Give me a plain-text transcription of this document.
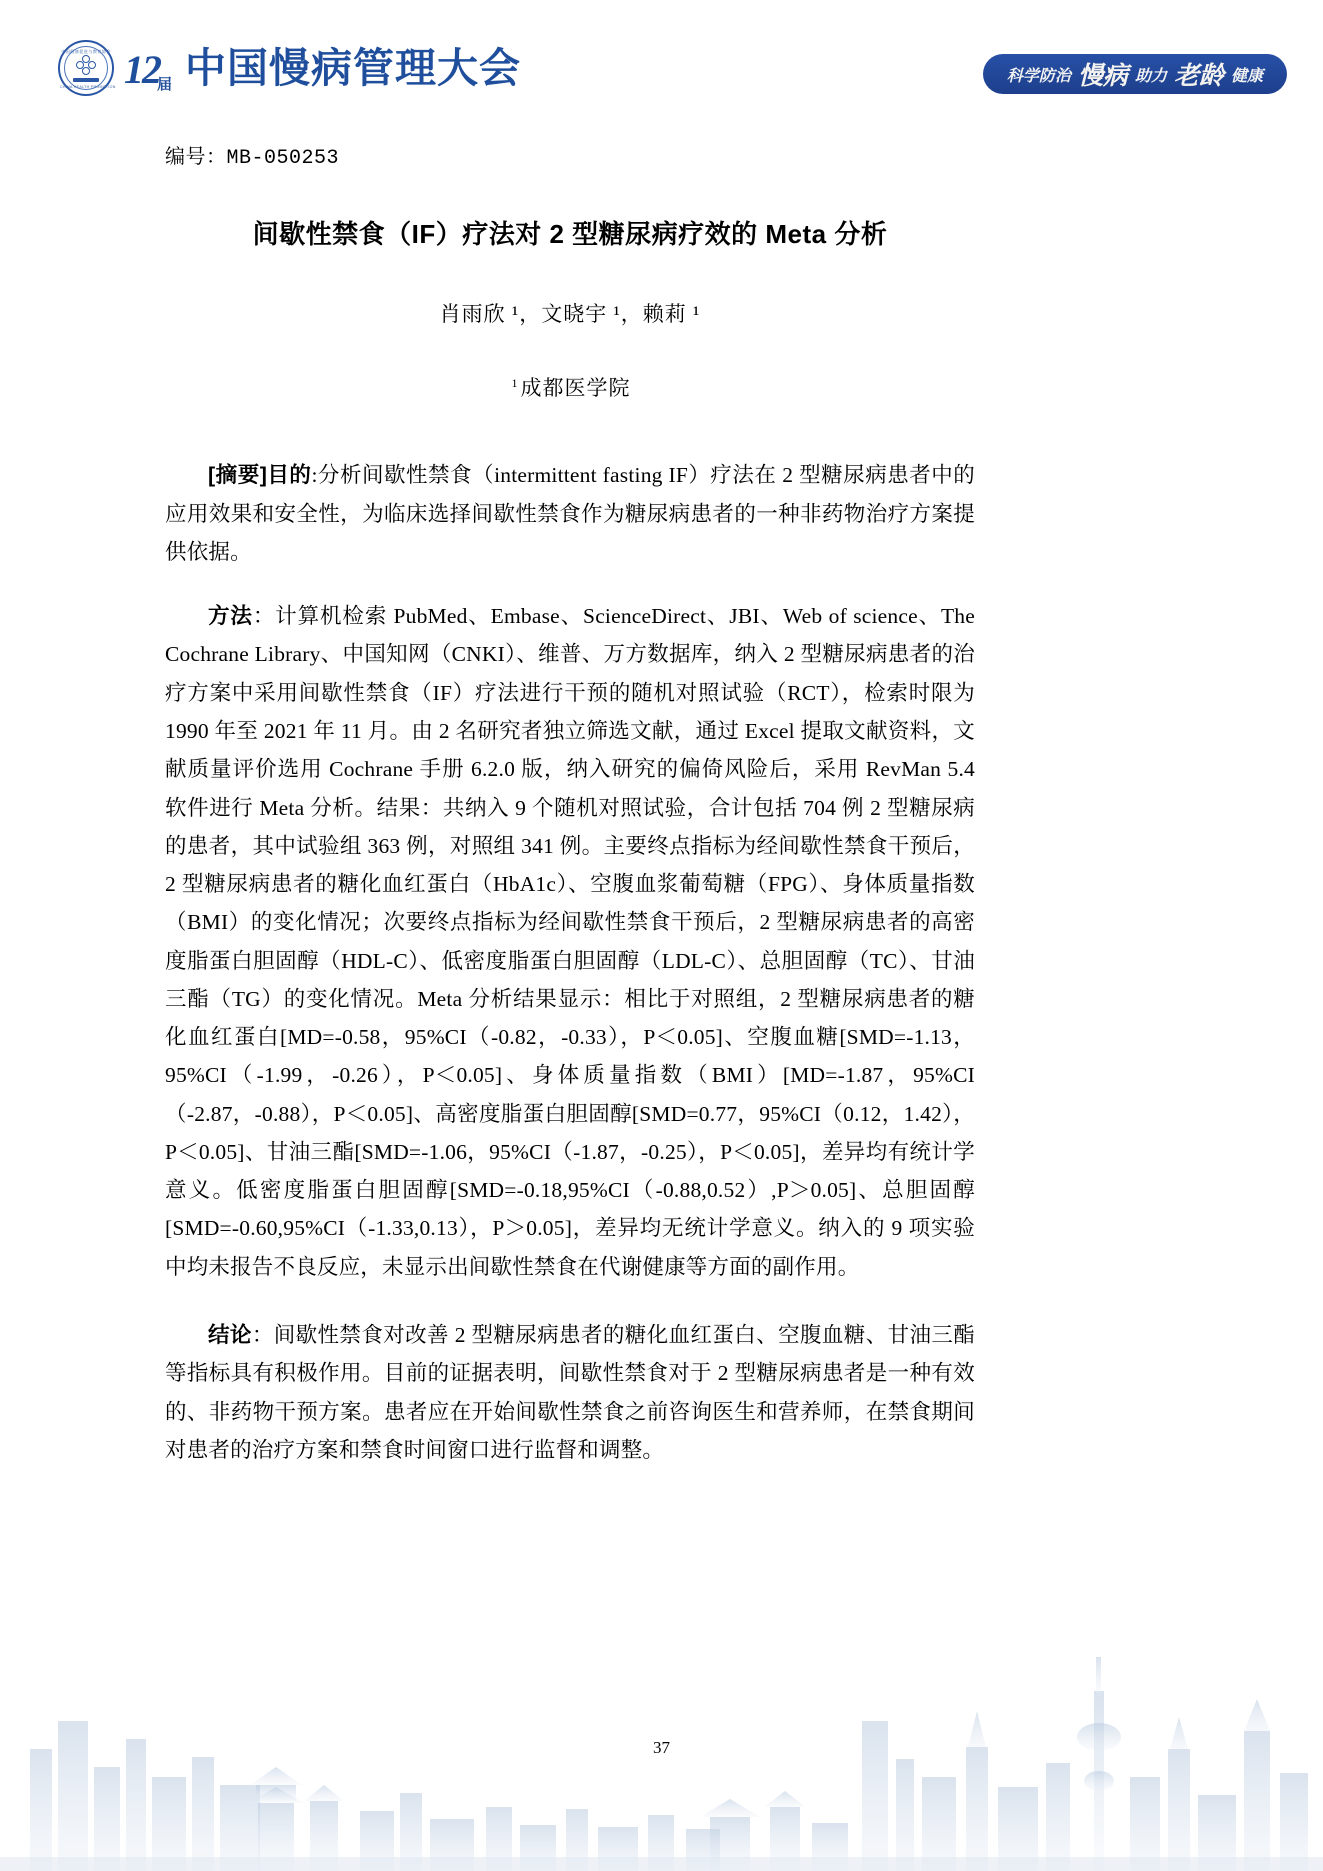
中国健康促进与教育协会
CHINA HEALTH PROMOTION 12届 中国慢病管理大会	科学防治 慢病 助力 老龄 健康
编号：MB-050253
间歇性禁食（IF）疗法对 2 型糖尿病疗效的 Meta 分析
肖雨欣 ¹，文晓宇 ¹，赖莉 ¹
$^1$成都医学院

[摘要]目的:分析间歇性禁食（intermittent fasting IF）疗法在 2 型糖尿病患者中的应用效果和安全性，为临床选择间歇性禁食作为糖尿病患者的一种非药物治疗方案提供依据。

方法：计算机检索 PubMed、Embase、ScienceDirect、JBI、Web of science、The Cochrane Library、中国知网（CNKI）、维普、万方数据库，纳入 2 型糖尿病患者的治疗方案中采用间歇性禁食（IF）疗法进行干预的随机对照试验（RCT），检索时限为 1990 年至 2021 年 11 月。由 2 名研究者独立筛选文献，通过 Excel 提取文献资料，文献质量评价选用 Cochrane 手册 6.2.0 版，纳入研究的偏倚风险后，采用 RevMan 5.4 软件进行 Meta 分析。结果：共纳入 9 个随机对照试验，合计包括 704 例 2 型糖尿病的患者，其中试验组 363 例，对照组 341 例。主要终点指标为经间歇性禁食干预后，2 型糖尿病患者的糖化血红蛋白（HbA1c）、空腹血浆葡萄糖（FPG）、身体质量指数（BMI）的变化情况；次要终点指标为经间歇性禁食干预后，2 型糖尿病患者的高密度脂蛋白胆固醇（HDL-C）、低密度脂蛋白胆固醇（LDL-C）、总胆固醇（TC）、甘油三酯（TG）的变化情况。Meta 分析结果显示：相比于对照组，2 型糖尿病患者的糖化血红蛋白[MD=-0.58，95%CI（-0.82，-0.33），P＜0.05]、空腹血糖[SMD=-1.13，95%CI（-1.99，-0.26），P＜0.05]、身体质量指数（BMI）[MD=-1.87，95%CI（-2.87，-0.88），P＜0.05]、高密度脂蛋白胆固醇[SMD=0.77，95%CI（0.12，1.42），P＜0.05]、甘油三酯[SMD=-1.06，95%CI（-1.87，-0.25），P＜0.05]，差异均有统计学意义。低密度脂蛋白胆固醇[SMD=-0.18,95%CI（-0.88,0.52）,P＞0.05]、总胆固醇[SMD=-0.60,95%CI（-1.33,0.13），P＞0.05]，差异均无统计学意义。纳入的 9 项实验中均未报告不良反应，未显示出间歇性禁食在代谢健康等方面的副作用。

结论：间歇性禁食对改善 2 型糖尿病患者的糖化血红蛋白、空腹血糖、甘油三酯等指标具有积极作用。目前的证据表明，间歇性禁食对于 2 型糖尿病患者是一种有效的、非药物干预方案。患者应在开始间歇性禁食之前咨询医生和营养师，在禁食期间对患者的治疗方案和禁食时间窗口进行监督和调整。

37
